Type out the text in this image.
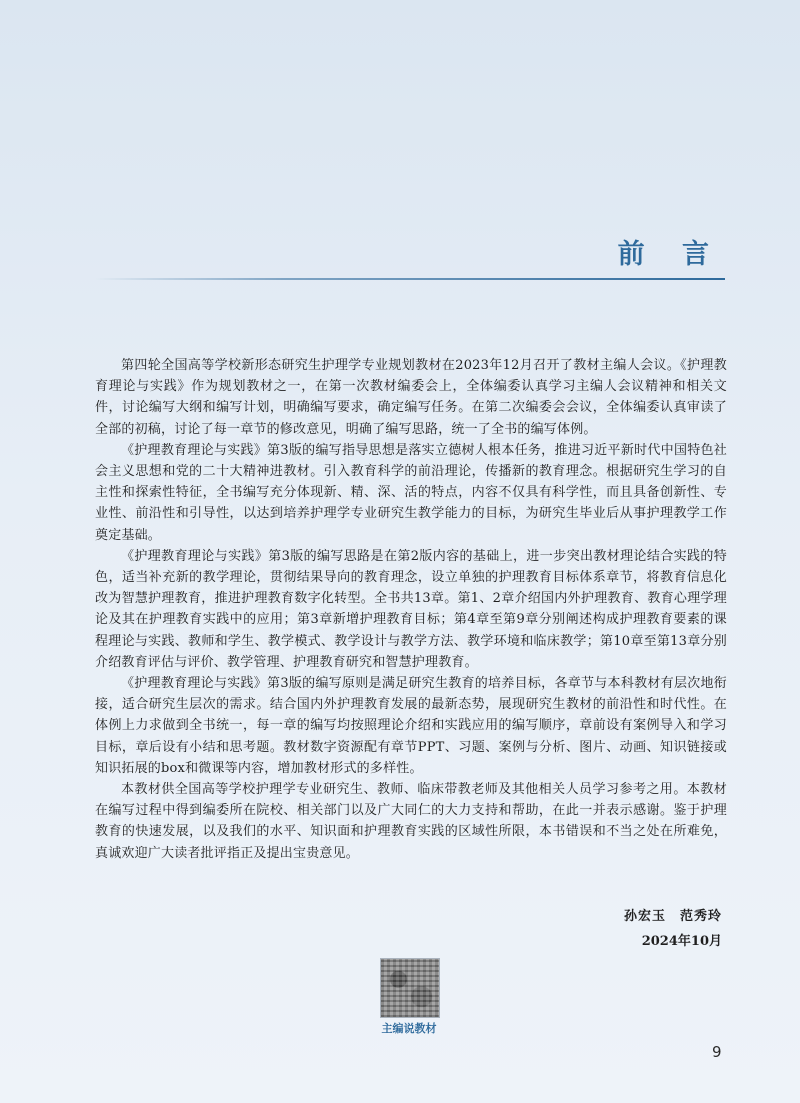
前 言

第四轮全国高等学校新形态研究生护理学专业规划教材在2023年12月召开了教材主编人会议。《护理教育理论与实践》作为规划教材之一，在第一次教材编委会上，全体编委认真学习主编人会议精神和相关文件，讨论编写大纲和编写计划，明确编写要求，确定编写任务。在第二次编委会会议，全体编委认真审读了全部的初稿，讨论了每一章节的修改意见，明确了编写思路，统一了全书的编写体例。

《护理教育理论与实践》第3版的编写指导思想是落实立德树人根本任务，推进习近平新时代中国特色社会主义思想和党的二十大精神进教材。引入教育科学的前沿理论，传播新的教育理念。根据研究生学习的自主性和探索性特征，全书编写充分体现新、精、深、活的特点，内容不仅具有科学性，而且具备创新性、专业性、前沿性和引导性，以达到培养护理学专业研究生教学能力的目标，为研究生毕业后从事护理教学工作奠定基础。

《护理教育理论与实践》第3版的编写思路是在第2版内容的基础上，进一步突出教材理论结合实践的特色，适当补充新的教学理论，贯彻结果导向的教育理念，设立单独的护理教育目标体系章节，将教育信息化改为智慧护理教育，推进护理教育数字化转型。全书共13章。第1、2章介绍国内外护理教育、教育心理学理论及其在护理教育实践中的应用；第3章新增护理教育目标；第4章至第9章分别阐述构成护理教育要素的课程理论与实践、教师和学生、教学模式、教学设计与教学方法、教学环境和临床教学；第10章至第13章分别介绍教育评估与评价、教学管理、护理教育研究和智慧护理教育。

《护理教育理论与实践》第3版的编写原则是满足研究生教育的培养目标，各章节与本科教材有层次地衔接，适合研究生层次的需求。结合国内外护理教育发展的最新态势，展现研究生教材的前沿性和时代性。在体例上力求做到全书统一，每一章的编写均按照理论介绍和实践应用的编写顺序，章前设有案例导入和学习目标，章后设有小结和思考题。教材数字资源配有章节PPT、习题、案例与分析、图片、动画、知识链接或知识拓展的box和微课等内容，增加教材形式的多样性。

本教材供全国高等学校护理学专业研究生、教师、临床带教老师及其他相关人员学习参考之用。本教材在编写过程中得到编委所在院校、相关部门以及广大同仁的大力支持和帮助，在此一并表示感谢。鉴于护理教育的快速发展，以及我们的水平、知识面和护理教育实践的区域性所限，本书错误和不当之处在所难免，真诚欢迎广大读者批评指正及提出宝贵意见。

孙宏玉　范秀玲
2024年10月
主编说教材
9
